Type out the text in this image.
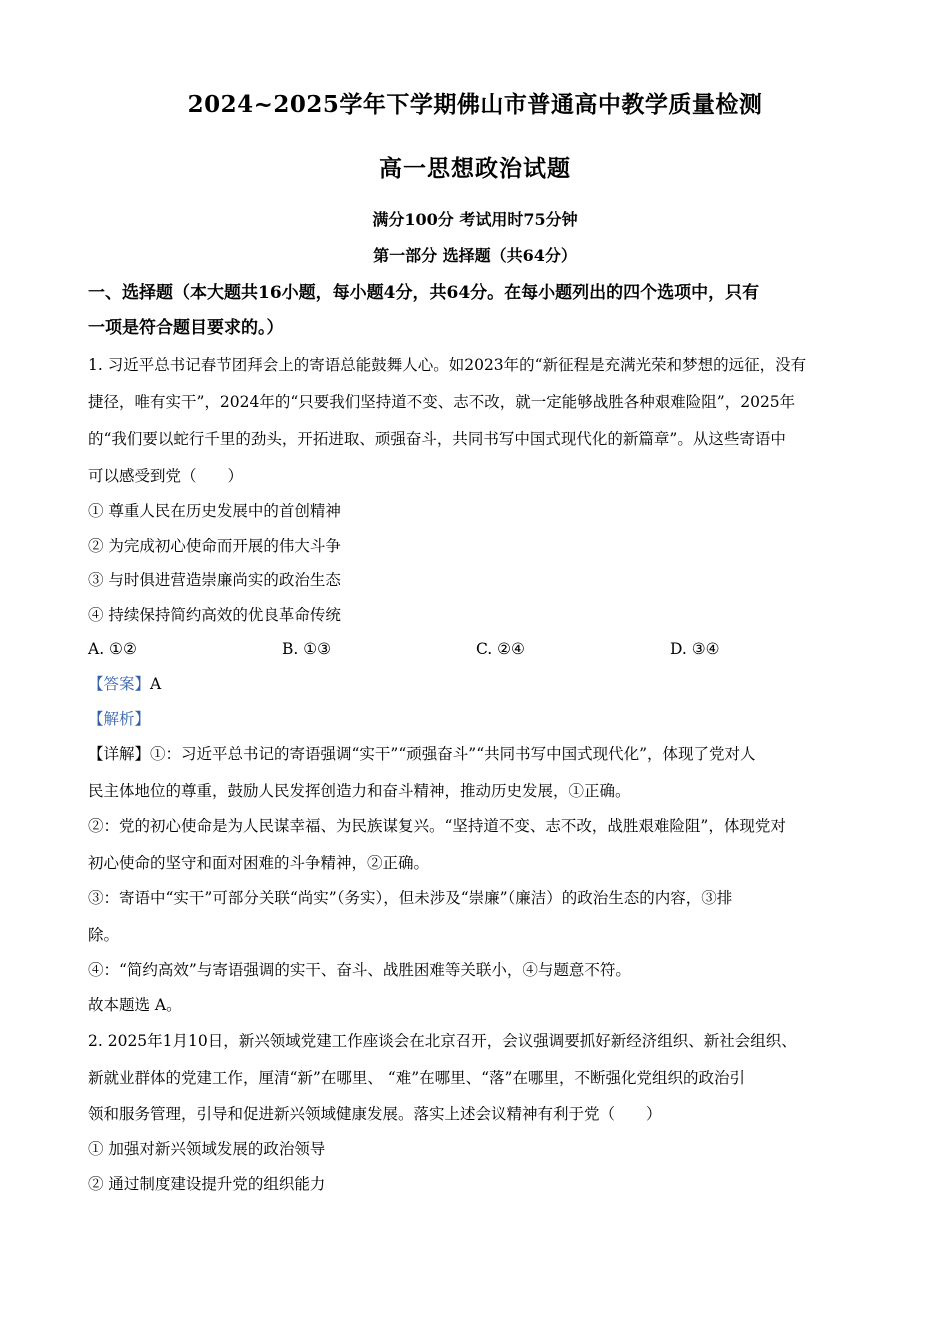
2024~2025学年下学期佛山市普通高中教学质量检测
高一思想政治试题
满分100分 考试用时75分钟
第一部分 选择题（共64分）
一、选择题（本大题共16小题，每小题4分，共64分。在每小题列出的四个选项中，只有
一项是符合题目要求的。）
1. 习近平总书记春节团拜会上的寄语总能鼓舞人心。如2023年的“新征程是充满光荣和梦想的远征，没有
捷径，唯有实干”，2024年的“只要我们坚持道不变、志不改，就一定能够战胜各种艰难险阻”，2025年
的“我们要以蛇行千里的劲头，开拓进取、顽强奋斗，共同书写中国式现代化的新篇章”。从这些寄语中
可以感受到党（　　）
① 尊重人民在历史发展中的首创精神
② 为完成初心使命而开展的伟大斗争
③ 与时俱进营造崇廉尚实的政治生态
④ 持续保持简约高效的优良革命传统
A. ①②	B. ①③	C. ②④	D. ③④
【答案】A
【解析】
【详解】①：习近平总书记的寄语强调“实干”“顽强奋斗”“共同书写中国式现代化”，体现了党对人
民主体地位的尊重，鼓励人民发挥创造力和奋斗精神，推动历史发展，①正确。
②：党的初心使命是为人民谋幸福、为民族谋复兴。“坚持道不变、志不改，战胜艰难险阻”，体现党对
初心使命的坚守和面对困难的斗争精神，②正确。
③：寄语中“实干”可部分关联“尚实”（务实），但未涉及“崇廉”（廉洁）的政治生态的内容，③排
除。
④：“简约高效”与寄语强调的实干、奋斗、战胜困难等关联小，④与题意不符。
故本题选 A。
2. 2025年1月10日，新兴领域党建工作座谈会在北京召开，会议强调要抓好新经济组织、新社会组织、
新就业群体的党建工作，厘清“新”在哪里、 “难”在哪里、“落”在哪里，不断强化党组织的政治引
领和服务管理，引导和促进新兴领域健康发展。落实上述会议精神有利于党（　　）
① 加强对新兴领域发展的政治领导
② 通过制度建设提升党的组织能力
